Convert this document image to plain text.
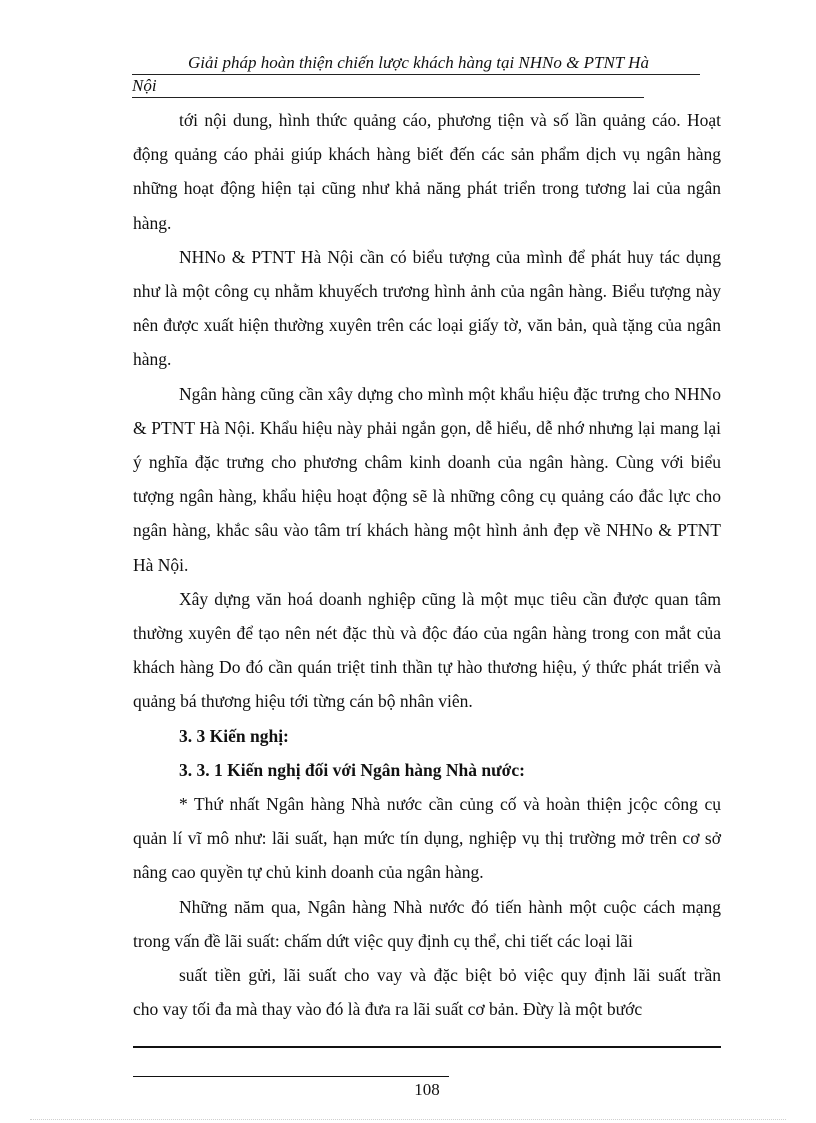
Giải pháp hoàn thiện chiến lược khách hàng tại NHNo & PTNT Hà
Nội

tới nội dung, hình thức quảng cáo, phương tiện và số lần quảng cáo. Hoạt động quảng cáo phải giúp khách hàng biết đến các sản phẩm dịch vụ ngân hàng những hoạt động hiện tại cũng như khả năng phát triển trong tương lai của ngân hàng.

NHNo & PTNT Hà Nội cần có biểu tượng của mình để phát huy tác dụng như là một công cụ nhằm khuyếch trương hình ảnh của ngân hàng. Biểu tượng này nên được xuất hiện thường xuyên trên các loại giấy tờ, văn bản, quà tặng của ngân hàng.

Ngân hàng cũng cần xây dựng cho mình một khẩu hiệu đặc trưng cho NHNo & PTNT Hà Nội. Khẩu hiệu này phải ngắn gọn, dễ hiểu, dễ nhớ nhưng lại mang lại ý nghĩa đặc trưng cho phương châm kinh doanh của ngân hàng. Cùng với biểu tượng ngân hàng, khẩu hiệu hoạt động sẽ là những công cụ quảng cáo đắc lực cho ngân hàng, khắc sâu vào tâm trí khách hàng một hình ảnh đẹp về NHNo & PTNT Hà Nội.

Xây dựng văn hoá doanh nghiệp cũng là một mục tiêu cần được quan tâm thường xuyên để tạo nên nét đặc thù và độc đáo của ngân hàng trong con mắt của khách hàng Do đó cần quán triệt tinh thần tự hào thương hiệu, ý thức phát triển và quảng bá thương hiệu tới từng cán bộ nhân viên.

3. 3 Kiến nghị:

3. 3. 1 Kiến nghị đối với Ngân hàng Nhà nước:

* Thứ nhất Ngân hàng Nhà nước cần củng cố và hoàn thiện jcộc công cụ quản lí vĩ mô như: lãi suất, hạn mức tín dụng, nghiệp vụ thị trường mở trên cơ sở nâng cao quyền tự chủ kinh doanh của ngân hàng.

Những năm qua, Ngân hàng Nhà nước đó tiến hành một cuộc cách mạng trong vấn đề lãi suất: chấm dứt việc quy định cụ thể, chi tiết các loại lãi

suất tiền gửi, lãi suất cho vay và đặc biệt bỏ việc quy định lãi suất trần

cho vay tối đa mà thay vào đó là đưa ra lãi suất cơ bản. Đừy là một bước

108
